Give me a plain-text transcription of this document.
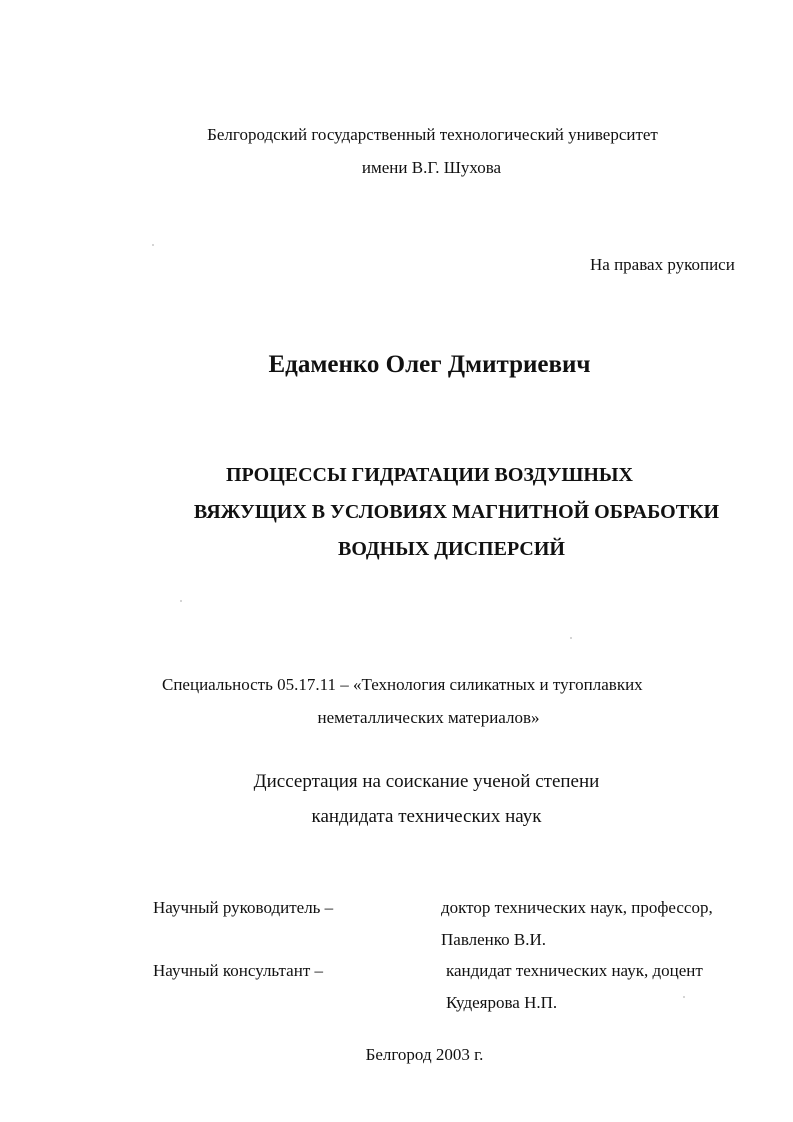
Белгородский государственный технологический университет
имени В.Г. Шухова
На правах рукописи
Едаменко Олег Дмитриевич
ПРОЦЕССЫ ГИДРАТАЦИИ ВОЗДУШНЫХ
ВЯЖУЩИХ В УСЛОВИЯХ МАГНИТНОЙ ОБРАБОТКИ
ВОДНЫХ ДИСПЕРСИЙ
Специальность 05.17.11 – «Технология силикатных и тугоплавких
неметаллических материалов»
Диссертация на соискание ученой степени
кандидата технических наук
Научный руководитель –	доктор технических наук, профессор,
Павленко В.И.
Научный консультант –	кандидат технических наук, доцент
Кудеярова Н.П.
Белгород 2003 г.
